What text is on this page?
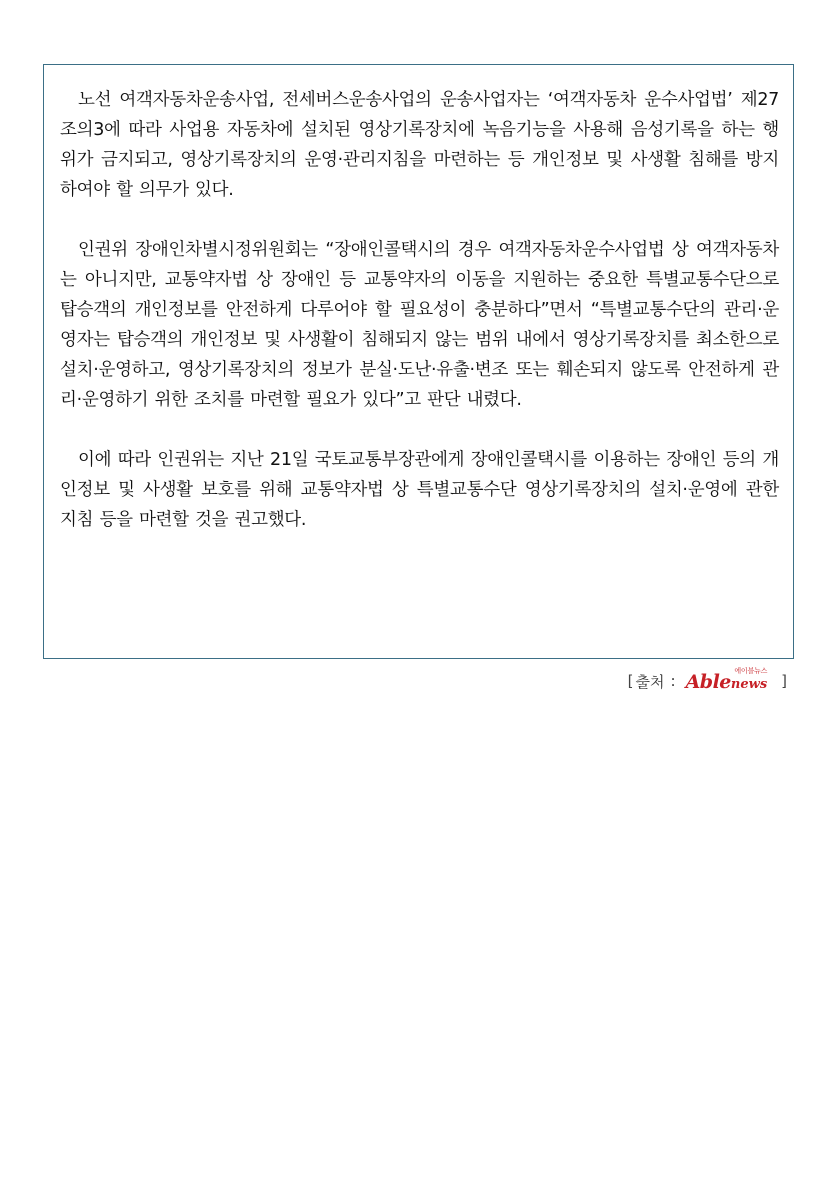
노선 여객자동차운송사업, 전세버스운송사업의 운송사업자는 ‘여객자동차 운수사업법’ 제27조의3에 따라 사업용 자동차에 설치된 영상기록장치에 녹음기능을 사용해 음성기록을 하는 행위가 금지되고, 영상기록장치의 운영·관리지침을 마련하는 등 개인정보 및 사생활 침해를 방지하여야 할 의무가 있다.

인권위 장애인차별시정위원회는 “장애인콜택시의 경우 여객자동차운수사업법 상 여객자동차는 아니지만, 교통약자법 상 장애인 등 교통약자의 이동을 지원하는 중요한 특별교통수단으로 탑승객의 개인정보를 안전하게 다루어야 할 필요성이 충분하다”면서 “특별교통수단의 관리·운영자는 탑승객의 개인정보 및 사생활이 침해되지 않는 범위 내에서 영상기록장치를 최소한으로 설치·운영하고, 영상기록장치의 정보가 분실·도난·유출·변조 또는 훼손되지 않도록 안전하게 관리·운영하기 위한 조치를 마련할 필요가 있다”고 판단 내렸다.

이에 따라 인권위는 지난 21일 국토교통부장관에게 장애인콜택시를 이용하는 장애인 등의 개인정보 및 사생활 보호를 위해 교통약자법 상 특별교통수단 영상기록장치의 설치·운영에 관한 지침 등을 마련할 것을 권고했다.

[ 출처 :
에이블뉴스
Able news ]
